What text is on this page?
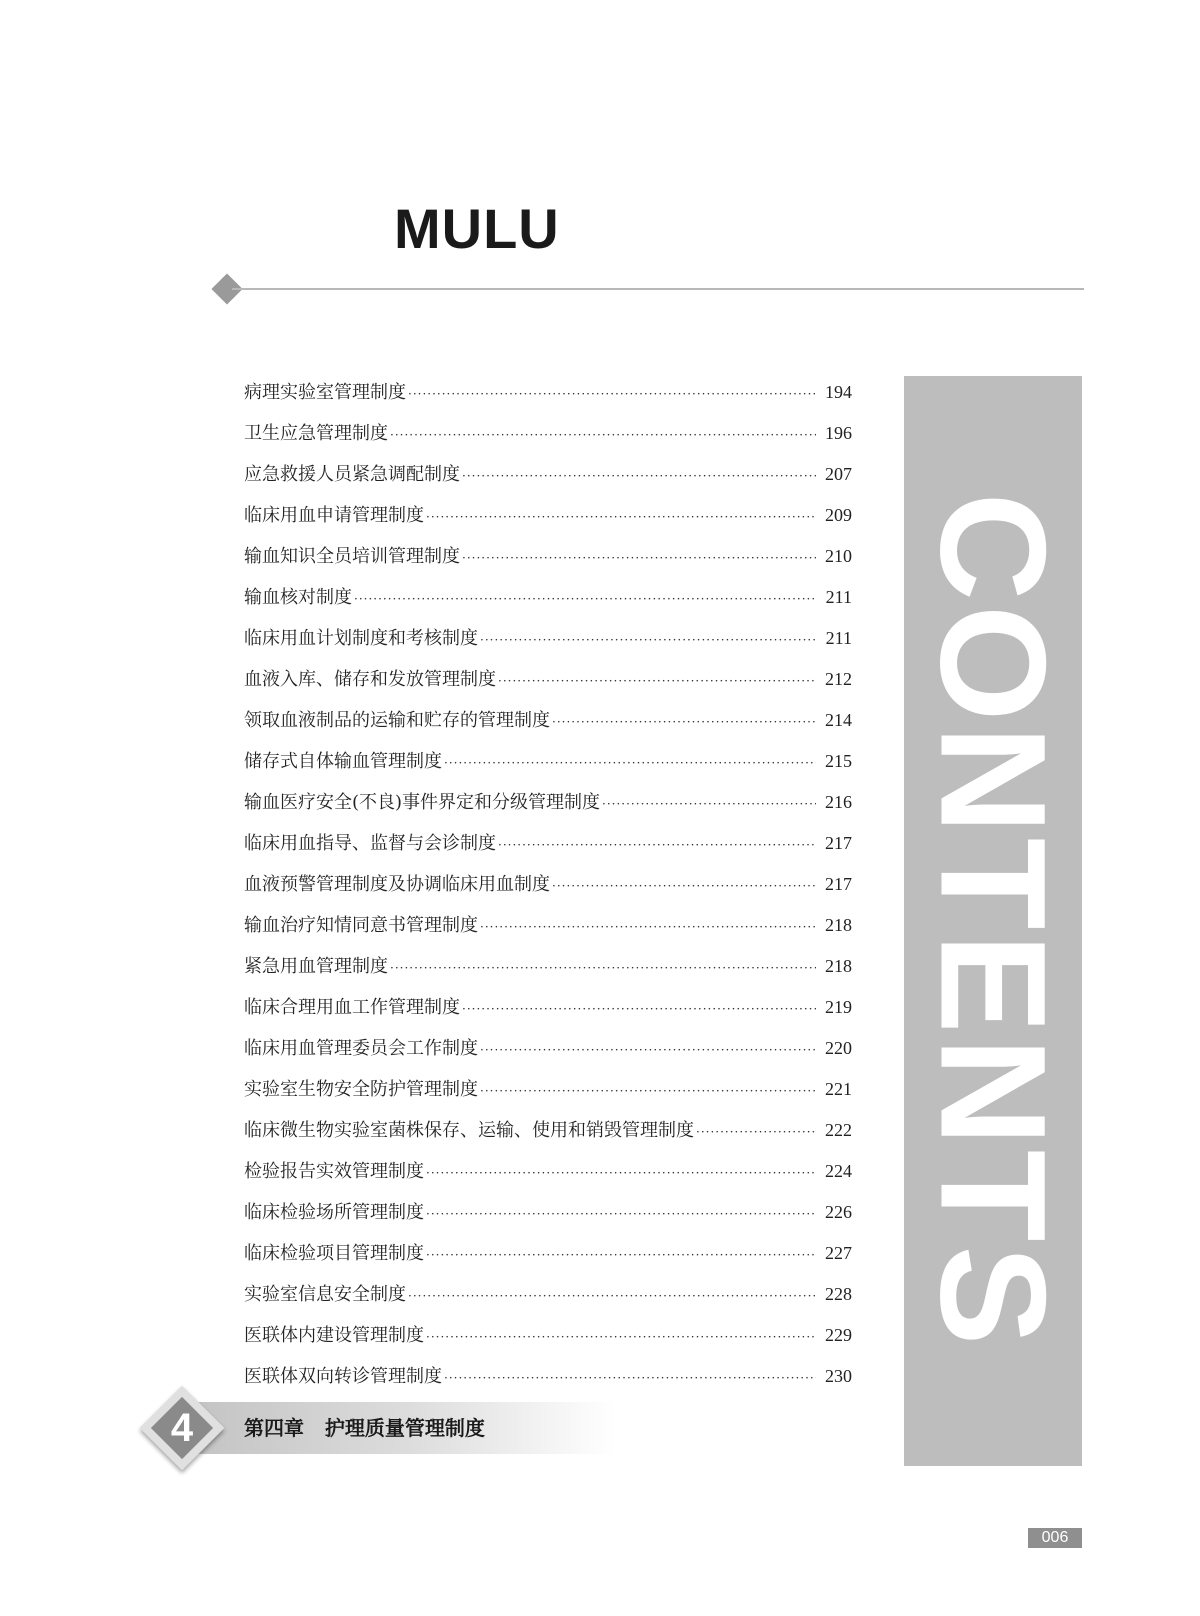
MULU
病理实验室管理制度 ·····	194
卫生应急管理制度 ·····	196
应急救援人员紧急调配制度 ·····	207
临床用血申请管理制度 ·····	209
输血知识全员培训管理制度 ·····	210
输血核对制度 ·····	211
临床用血计划制度和考核制度 ·····	211
血液入库、储存和发放管理制度 ·····	212
领取血液制品的运输和贮存的管理制度 ·····	214
储存式自体输血管理制度 ·····	215
输血医疗安全(不良)事件界定和分级管理制度 ·····	216
临床用血指导、监督与会诊制度 ·····	217
血液预警管理制度及协调临床用血制度 ·····	217
输血治疗知情同意书管理制度 ·····	218
紧急用血管理制度 ·····	218
临床合理用血工作管理制度 ·····	219
临床用血管理委员会工作制度 ·····	220
实验室生物安全防护管理制度 ·····	221
临床微生物实验室菌株保存、运输、使用和销毁管理制度 ·····	222
检验报告实效管理制度 ·····	224
临床检验场所管理制度 ·····	226
临床检验项目管理制度 ·····	227
实验室信息安全制度 ·····	228
医联体内建设管理制度 ·····	229
医联体双向转诊管理制度 ·····	230
CONTENTS
4	第四章   护理质量管理制度
006
